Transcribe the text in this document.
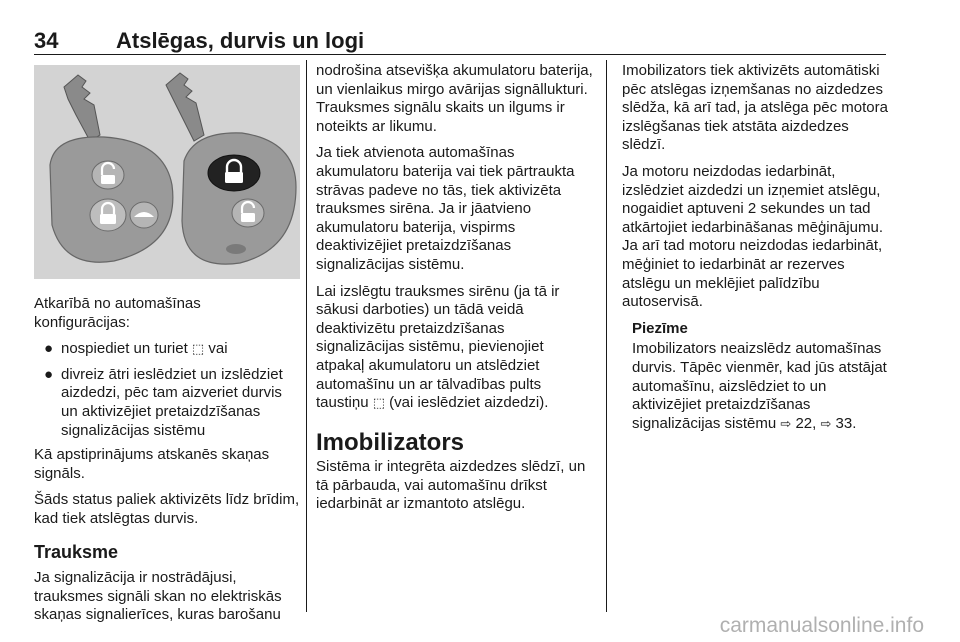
34	Atslēgas, durvis un logi

Atkarībā no automašīnas konfigurācijas:

● nospiediet un turiet ⬚ vai
● divreiz ātri ieslēdziet un izslēdziet aizdedzi, pēc tam aizveriet durvis un aktivizējiet pretaizdzīšanas signalizācijas sistēmu

Kā apstiprinājums atskanēs skaņas signāls.

Šāds status paliek aktivizēts līdz brīdim, kad tiek atslēgtas durvis.

Trauksme

Ja signalizācija ir nostrādājusi, trauksmes signāli skan no elektriskās skaņas signalierīces, kuras barošanu

nodrošina atsevišķa akumulatoru baterija, un vienlaikus mirgo avārijas signāllukturi. Trauksmes signālu skaits un ilgums ir noteikts ar likumu.

Ja tiek atvienota automašīnas akumulatoru baterija vai tiek pārtraukta strāvas padeve no tās, tiek aktivizēta trauksmes sirēna. Ja ir jāatvieno akumulatoru baterija, vispirms deaktivizējiet pretaizdzīšanas signalizācijas sistēmu.

Lai izslēgtu trauksmes sirēnu (ja tā ir sākusi darboties) un tādā veidā deaktivizētu pretaizdzīšanas signalizācijas sistēmu, pievienojiet atpakaļ akumulatoru un atslēdziet automašīnu un ar tālvadības pults taustiņu ⬚ (vai ieslēdziet aizdedzi).

Imobilizators

Sistēma ir integrēta aizdedzes slēdzī, un tā pārbauda, vai automašīnu drīkst iedarbināt ar izmantoto atslēgu.

Imobilizators tiek aktivizēts automātiski pēc atslēgas izņemšanas no aizdedzes slēdža, kā arī tad, ja atslēga pēc motora izslēgšanas tiek atstāta aizdedzes slēdzī.

Ja motoru neizdodas iedarbināt, izslēdziet aizdedzi un izņemiet atslēgu, nogaidiet aptuveni 2 sekundes un tad atkārtojiet iedarbināšanas mēģinājumu. Ja arī tad motoru neizdodas iedarbināt, mēģiniet to iedarbināt ar rezerves atslēgu un meklējiet palīdzību autoservisā.

Piezīme
Imobilizators neaizslēdz automašīnas durvis. Tāpēc vienmēr, kad jūs atstājat automašīnu, aizslēdziet to un aktivizējiet pretaizdzīšanas signalizācijas sistēmu ⇨ 22, ⇨ 33.
carmanualsonline.info
